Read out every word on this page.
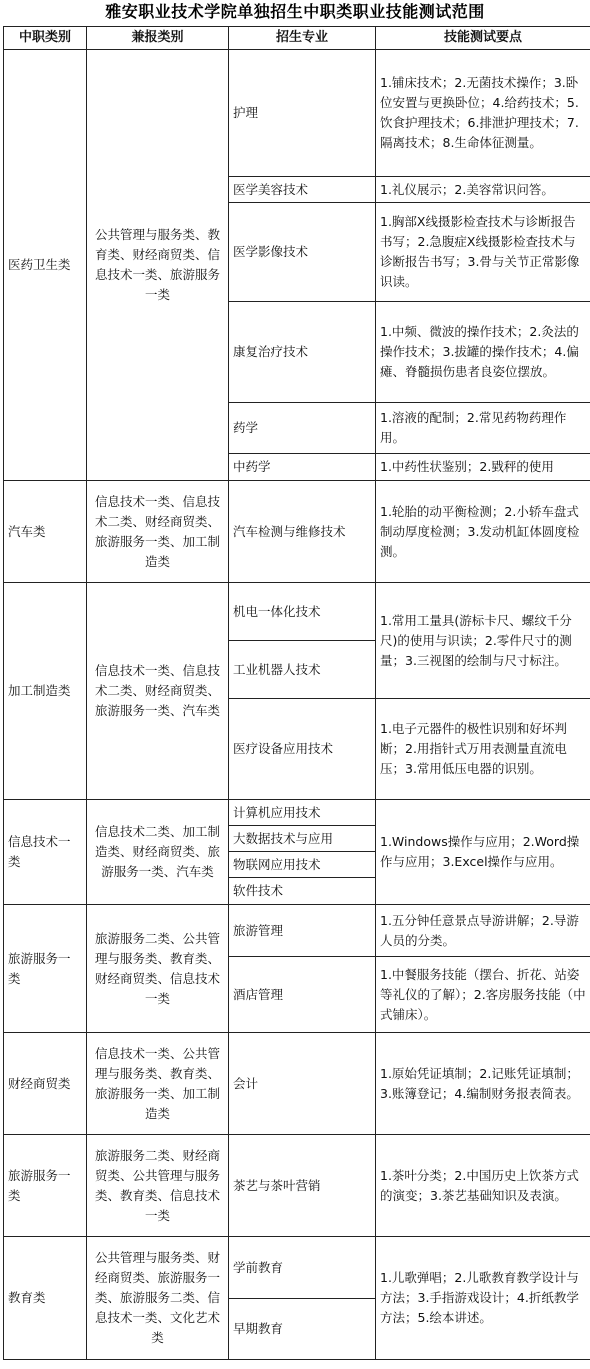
雅安职业技术学院单独招生中职类职业技能测试范围
中职类别	兼报类别	招生专业	技能测试要点
医药卫生类	公共管理与服务类、教育类、财经商贸类、信息技术一类、旅游服务一类	护理	1.铺床技术；2.无菌技术操作；3.卧位安置与更换卧位；4.给药技术；5.饮食护理技术；6.排泄护理技术；7.隔离技术；8.生命体征测量。
		医学美容技术	1.礼仪展示；2.美容常识问答。
		医学影像技术	1.胸部X线摄影检查技术与诊断报告书写；2.急腹症X线摄影检查技术与诊断报告书写；3.骨与关节正常影像识读。
		康复治疗技术	1.中频、微波的操作技术；2.灸法的操作技术；3.拔罐的操作技术；4.偏瘫、脊髓损伤患者良姿位摆放。
		药学	1.溶液的配制；2.常见药物药理作用。
		中药学	1.中药性状鉴别；2.戥秤的使用
汽车类	信息技术一类、信息技术二类、财经商贸类、旅游服务一类、加工制造类	汽车检测与维修技术	1.轮胎的动平衡检测；2.小轿车盘式制动厚度检测；3.发动机缸体圆度检测。
加工制造类	信息技术一类、信息技术二类、财经商贸类、旅游服务一类、汽车类	机电一体化技术	1.常用工量具(游标卡尺、螺纹千分尺)的使用与识读；2.零件尺寸的测量；3.三视图的绘制与尺寸标注。
		工业机器人技术	
		医疗设备应用技术	1.电子元器件的极性识别和好坏判断；2.用指针式万用表测量直流电压；3.常用低压电器的识别。
信息技术一类	信息技术二类、加工制造类、财经商贸类、旅游服务一类、汽车类	计算机应用技术	1.Windows操作与应用；2.Word操作与应用；3.Excel操作与应用。
		大数据技术与应用	
		物联网应用技术	
		软件技术	
旅游服务一类	旅游服务二类、公共管理与服务类、教育类、财经商贸类、信息技术一类	旅游管理	1.五分钟任意景点导游讲解；2.导游人员的分类。
		酒店管理	1.中餐服务技能（摆台、折花、站姿等礼仪的了解）；2.客房服务技能（中式铺床）。
财经商贸类	信息技术一类、公共管理与服务类、教育类、旅游服务一类、加工制造类	会计	1.原始凭证填制；2.记账凭证填制；3.账簿登记；4.编制财务报表简表。
旅游服务一类	旅游服务二类、财经商贸类、公共管理与服务类、教育类、信息技术一类	茶艺与茶叶营销	1.茶叶分类；2.中国历史上饮茶方式的演变；3.茶艺基础知识及表演。
教育类	公共管理与服务类、财经商贸类、旅游服务一类、旅游服务二类、信息技术一类、文化艺术类	学前教育	1.儿歌弹唱；2.儿歌教育教学设计与方法；3.手指游戏设计；4.折纸教学方法；5.绘本讲述。
		早期教育	
